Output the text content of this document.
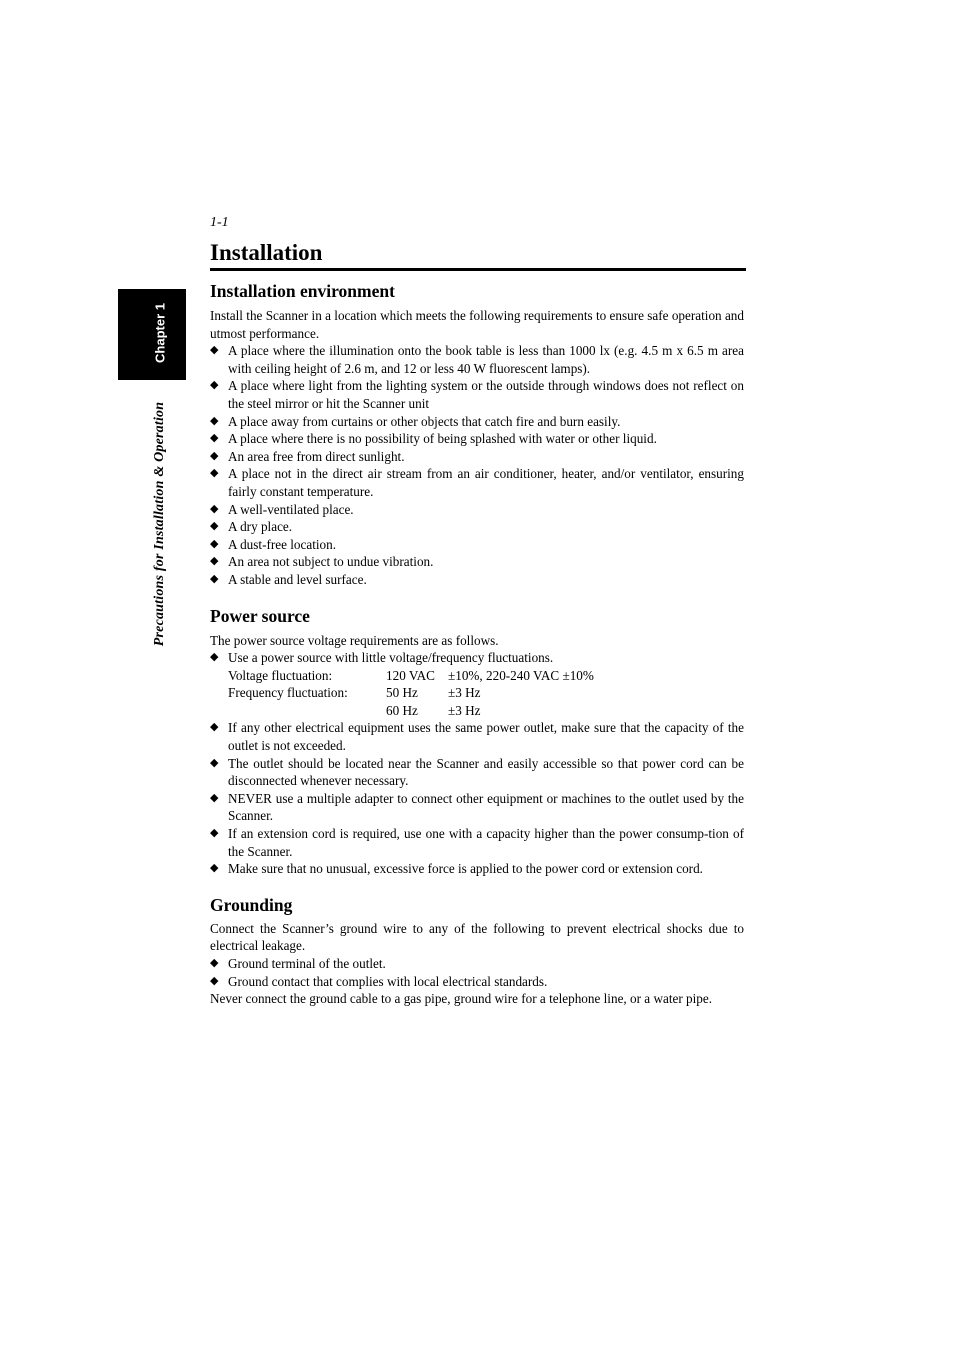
Chapter 1
Precautions for Installation & Operation
1-1
Installation
Installation environment

Install the Scanner in a location which meets the following requirements to ensure safe operation and utmost performance.

◆ A place where the illumination onto the book table is less than 1000 lx (e.g. 4.5 m x 6.5 m area with ceiling height of 2.6 m, and 12 or less 40 W fluorescent lamps).
◆ A place where light from the lighting system or the outside through windows does not reflect on the steel mirror or hit the Scanner unit
◆ A place away from curtains or other objects that catch fire and burn easily.
◆ A place where there is no possibility of being splashed with water or other liquid.
◆ An area free from direct sunlight.
◆ A place not in the direct air stream from an air conditioner, heater, and/or ventilator, ensuring fairly constant temperature.
◆ A well-ventilated place.
◆ A dry place.
◆ A dust-free location.
◆ An area not subject to undue vibration.
◆ A stable and level surface.
Power source

The power source voltage requirements are as follows.

◆ Use a power source with little voltage/frequency fluctuations.
Voltage fluctuation:	120 VAC ±10%, 220-240 VAC ±10%
Frequency fluctuation:	50 Hz	±3 Hz
60 Hz	±3 Hz
◆ If any other electrical equipment uses the same power outlet, make sure that the capacity of the outlet is not exceeded.
◆ The outlet should be located near the Scanner and easily accessible so that power cord can be disconnected whenever necessary.
◆ NEVER use a multiple adapter to connect other equipment or machines to the outlet used by the Scanner.
◆ If an extension cord is required, use one with a capacity higher than the power consump-tion of the Scanner.
◆ Make sure that no unusual, excessive force is applied to the power cord or extension cord.
Grounding

Connect the Scanner’s ground wire to any of the following to prevent electrical shocks due to electrical leakage.

◆ Ground terminal of the outlet.
◆ Ground contact that complies with local electrical standards.

Never connect the ground cable to a gas pipe, ground wire for a telephone line, or a water pipe.
